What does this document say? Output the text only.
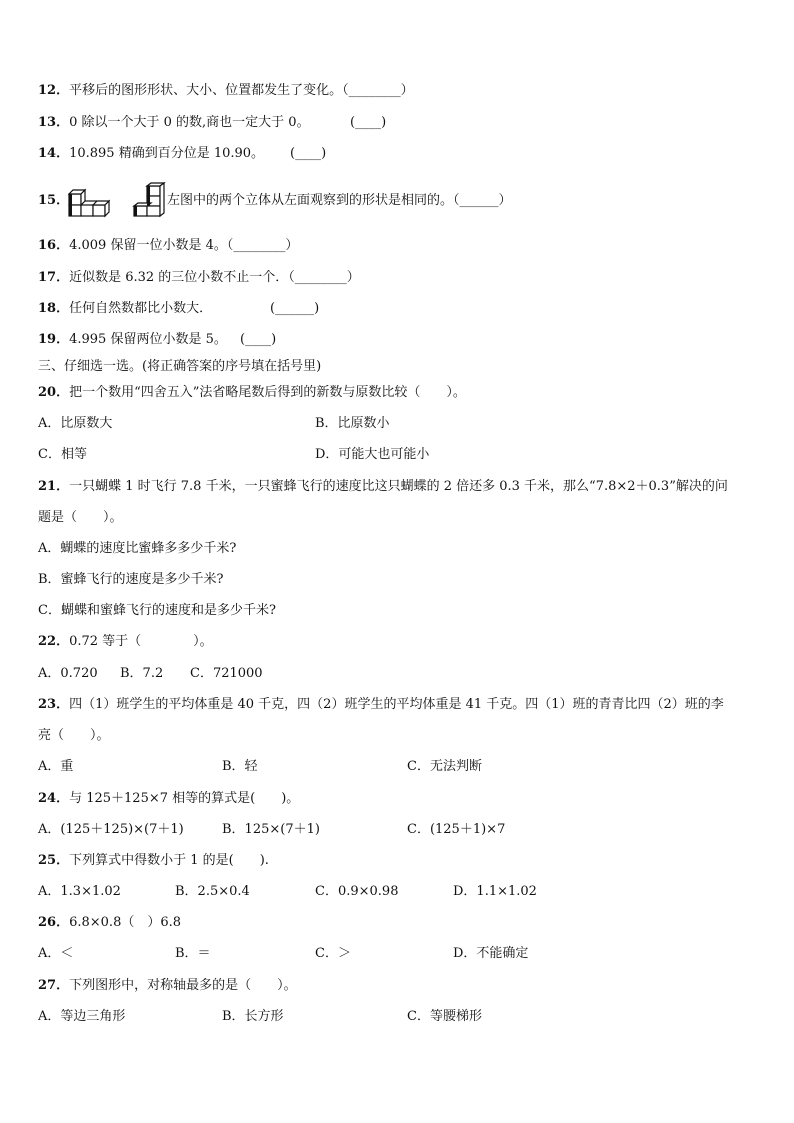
12．平移后的图形形状、大小、位置都发生了变化。（________）
13．0 除以一个大于 0 的数,商也一定大于 0。	(____)
14．10.895 精确到百分位是 10.90。 (____)
15．	左图中的两个立体从左面观察到的形状是相同的。（______）
16．4.009 保留一位小数是 4。（________）
17．近似数是 6.32 的三位小数不止一个．（________）
18．任何自然数都比小数大．	(______)
19．4.995 保留两位小数是 5。 (____)
三、仔细选一选。(将正确答案的序号填在括号里)
20．把一个数用“四舍五入”法省略尾数后得到的新数与原数比较（　　）。
A．比原数大	B．比原数小
C．相等	D．可能大也可能小
21．一只蝴蝶 1 时飞行 7.8 千米，一只蜜蜂飞行的速度比这只蝴蝶的 2 倍还多 0.3 千米，那么“7.8×2＋0.3”解决的问
题是（　　）。
A．蝴蝶的速度比蜜蜂多多少千米?
B．蜜蜂飞行的速度是多少千米?
C．蝴蝶和蜜蜂飞行的速度和是多少千米?
22．0.72 等于（　　　　）。
A．0.720 B．7.2 C．721000
23．四（1）班学生的平均体重是 40 千克，四（2）班学生的平均体重是 41 千克。四（1）班的青青比四（2）班的李
亮（　　）。
A．重	B．轻	C．无法判断
24．与 125＋125×7 相等的算式是(　　)。
A．(125＋125)×(7＋1)	B．125×(7＋1)	C．(125＋1)×7
25．下列算式中得数小于 1 的是(　　).
A．1.3×1.02	B．2.5×0.4	C．0.9×0.98	D．1.1×1.02
26．6.8×0.8（　）6.8
A．＜	B．＝	C．＞	D．不能确定
27．下列图形中，对称轴最多的是（　　）。
A．等边三角形	B．长方形	C．等腰梯形
